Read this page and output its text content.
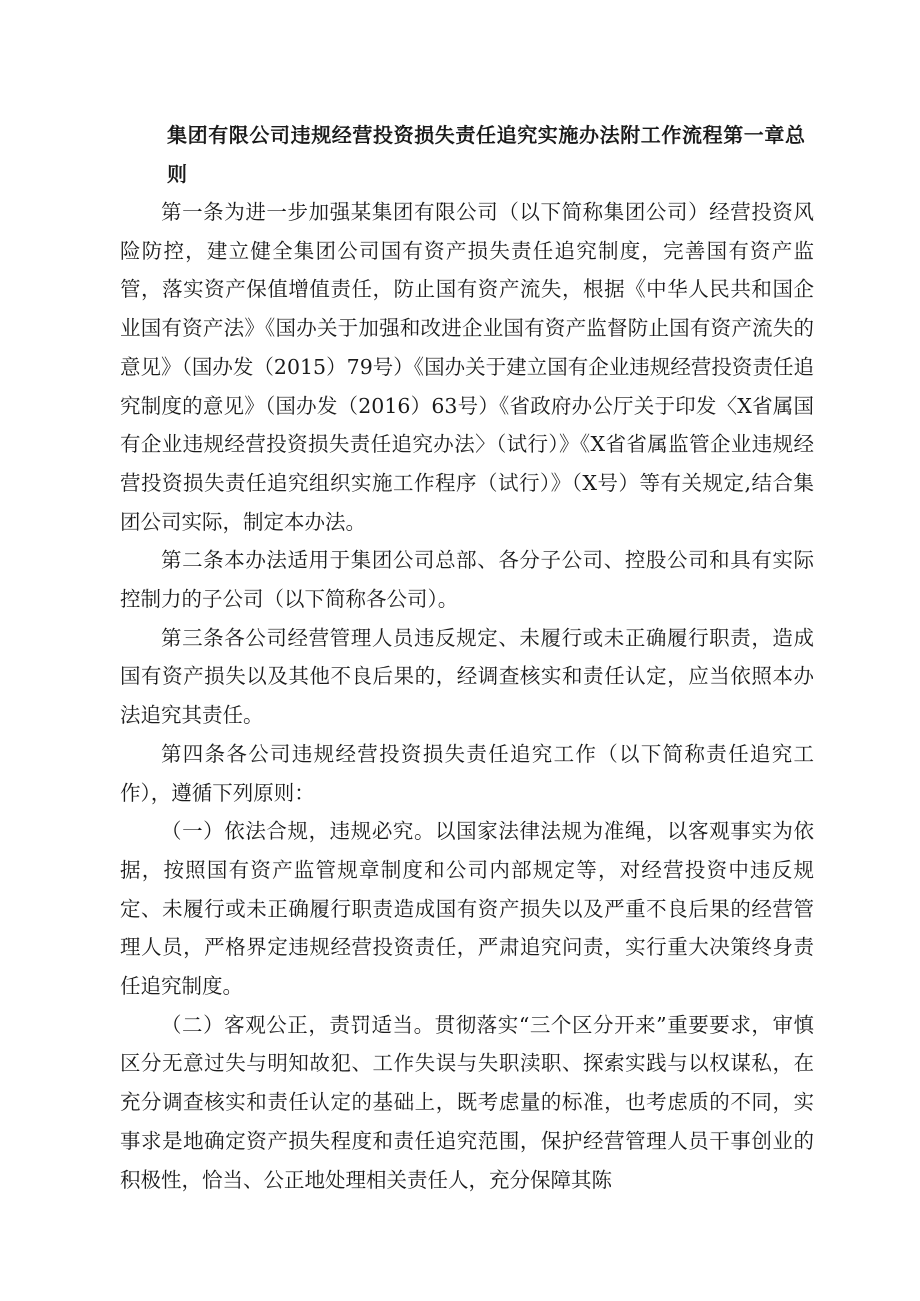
集团有限公司违规经营投资损失责任追究实施办法附工作流程第一章总则

第一条为进一步加强某集团有限公司（以下简称集团公司）经营投资风险防控，建立健全集团公司国有资产损失责任追究制度，完善国有资产监管，落实资产保值增值责任，防止国有资产流失，根据《中华人民共和国企业国有资产法》《国办关于加强和改进企业国有资产监督防止国有资产流失的意见》（国办发（2015）79号）《国办关于建立国有企业违规经营投资责任追究制度的意见》（国办发（2016）63号）《省政府办公厅关于印发〈X省属国有企业违规经营投资损失责任追究办法〉（试行）》《X省省属监管企业违规经营投资损失责任追究组织实施工作程序（试行）》（X号）等有关规定,结合集团公司实际，制定本办法。

第二条本办法适用于集团公司总部、各分子公司、控股公司和具有实际控制力的子公司（以下简称各公司）。

第三条各公司经营管理人员违反规定、未履行或未正确履行职责，造成国有资产损失以及其他不良后果的，经调查核实和责任认定，应当依照本办法追究其责任。

第四条各公司违规经营投资损失责任追究工作（以下简称责任追究工作），遵循下列原则：

（一）依法合规，违规必究。以国家法律法规为准绳，以客观事实为依据，按照国有资产监管规章制度和公司内部规定等，对经营投资中违反规定、未履行或未正确履行职责造成国有资产损失以及严重不良后果的经营管理人员，严格界定违规经营投资责任，严肃追究问责，实行重大决策终身责任追究制度。

（二）客观公正，责罚适当。贯彻落实“三个区分开来”重要要求，审慎区分无意过失与明知故犯、工作失误与失职渎职、探索实践与以权谋私，在充分调查核实和责任认定的基础上，既考虑量的标准，也考虑质的不同，实事求是地确定资产损失程度和责任追究范围，保护经营管理人员干事创业的积极性，恰当、公正地处理相关责任人，充分保障其陈
